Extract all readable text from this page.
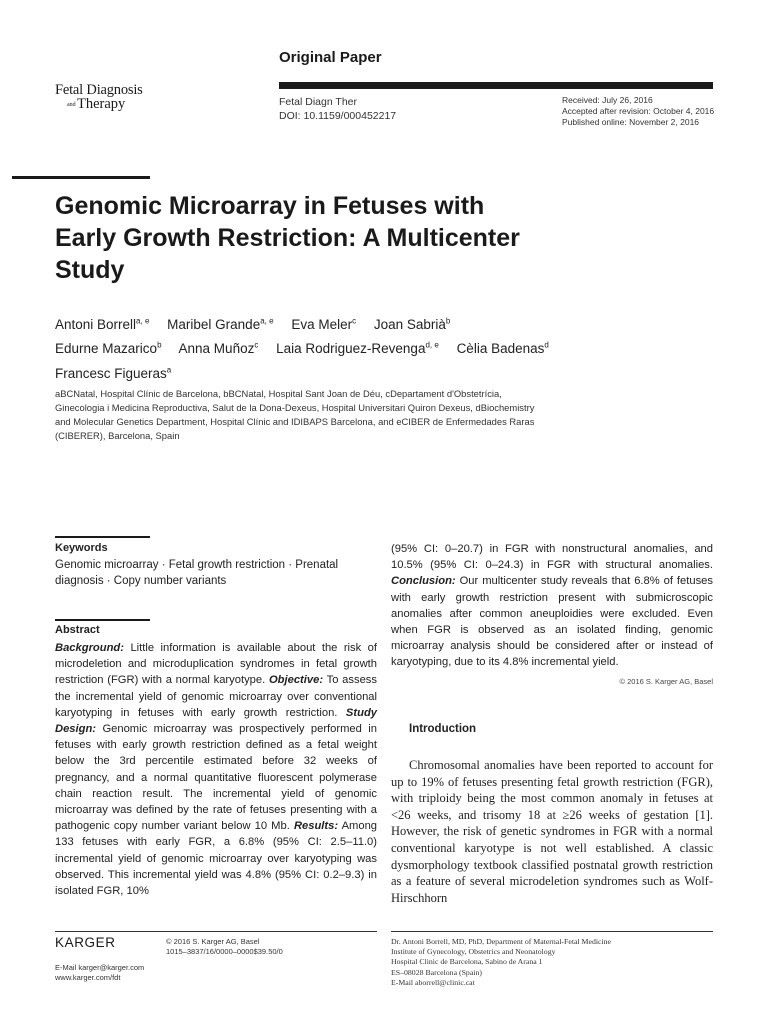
Original Paper
Fetal Diagnosis
and Therapy	Fetal Diagn Ther
DOI: 10.1159/000452217
Received: July 26, 2016
Accepted after revision: October 4, 2016
Published online: November 2, 2016
Genomic Microarray in Fetuses with
Early Growth Restriction: A Multicenter
Study
Antoni Borrell$^{a, e}$ Maribel Grande$^{a, e}$ Eva Meler$^c$ Joan Sabrià$^b$
Edurne Mazarico$^b$ Anna Muñoz$^c$ Laia Rodriguez-Revenga$^{d, e}$ Cèlia Badenas$^d$
Francesc Figueras$^a$
aBCNatal, Hospital Clínic de Barcelona, bBCNatal, Hospital Sant Joan de Déu, cDepartament d'Obstetrícia,
Ginecologia i Medicina Reproductiva, Salut de la Dona-Dexeus, Hospital Universitari Quiron Dexeus, dBiochemistry
and Molecular Genetics Department, Hospital Clínic and IDIBAPS Barcelona, and eCIBER de Enfermedades Raras
(CIBERER), Barcelona, Spain
Keywords
Genomic microarray · Fetal growth restriction · Prenatal diagnosis · Copy number variants
Abstract
Background: Little information is available about the risk of microdeletion and microduplication syndromes in fetal growth restriction (FGR) with a normal karyotype. Objective: To assess the incremental yield of genomic microarray over conventional karyotyping in fetuses with early growth restriction. Study Design: Genomic microarray was prospectively performed in fetuses with early growth restriction defined as a fetal weight below the 3rd percentile estimated before 32 weeks of pregnancy, and a normal quantitative fluorescent polymerase chain reaction result. The incremental yield of genomic microarray was defined by the rate of fetuses presenting with a pathogenic copy number variant below 10 Mb. Results: Among 133 fetuses with early FGR, a 6.8% (95% CI: 2.5–11.0) incremental yield of genomic microarray over karyotyping was observed. This incremental yield was 4.8% (95% CI: 0.2–9.3) in isolated FGR, 10%
(95% CI: 0–20.7) in FGR with nonstructural anomalies, and 10.5% (95% CI: 0–24.3) in FGR with structural anomalies. Conclusion: Our multicenter study reveals that 6.8% of fetuses with early growth restriction present with submicroscopic anomalies after common aneuploidies were excluded. Even when FGR is observed as an isolated finding, genomic microarray analysis should be considered after or instead of karyotyping, due to its 4.8% incremental yield.
© 2016 S. Karger AG, Basel
Introduction
Chromosomal anomalies have been reported to account for up to 19% of fetuses presenting fetal growth restriction (FGR), with triploidy being the most common anomaly in fetuses at <26 weeks, and trisomy 18 at ≥26 weeks of gestation [1]. However, the risk of genetic syndromes in FGR with a normal conventional karyotype is not well established. A classic dysmorphology textbook classified postnatal growth restriction as a feature of several microdeletion syndromes such as Wolf-Hirschhorn
KARGER	© 2016 S. Karger AG, Basel
1015–3837/16/0000–0000$39.50/0
E-Mail karger@karger.com
www.karger.com/fdt
Dr. Antoni Borrell, MD, PhD, Department of Maternal-Fetal Medicine
Institute of Gynecology, Obstetrics and Neonatology
Hospital Clinic de Barcelona, Sabino de Arana 1
ES–08028 Barcelona (Spain)
E-Mail aborrell@clinic.cat
